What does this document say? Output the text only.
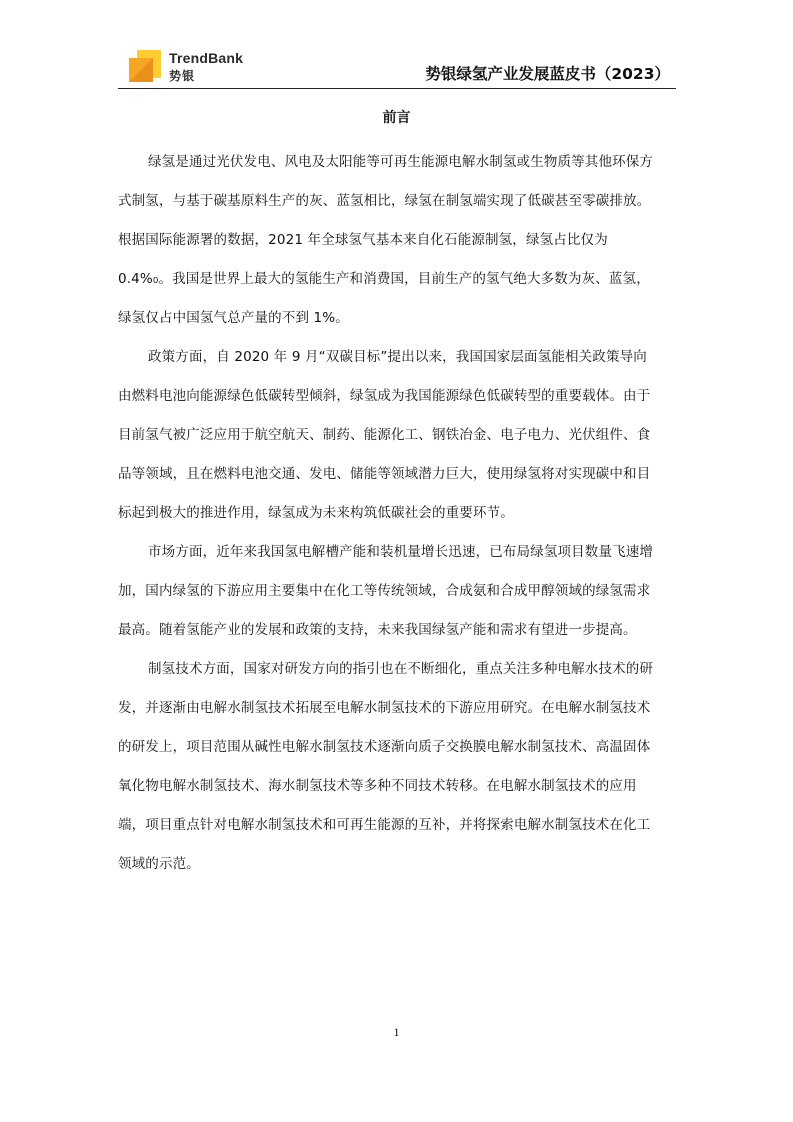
TrendBank
势银	势银绿氢产业发展蓝皮书（2023）
前言
绿氢是通过光伏发电、风电及太阳能等可再生能源电解水制氢或生物质等其他环保方
式制氢，与基于碳基原料生产的灰、蓝氢相比，绿氢在制氢端实现了低碳甚至零碳排放。
根据国际能源署的数据，2021 年全球氢气基本来自化石能源制氢，绿氢占比仅为
0.4%₀。我国是世界上最大的氢能生产和消费国，目前生产的氢气绝大多数为灰、蓝氢，
绿氢仅占中国氢气总产量的不到 1%。
政策方面，自 2020 年 9 月“双碳目标”提出以来，我国国家层面氢能相关政策导向
由燃料电池向能源绿色低碳转型倾斜，绿氢成为我国能源绿色低碳转型的重要载体。由于
目前氢气被广泛应用于航空航天、制药、能源化工、钢铁冶金、电子电力、光伏组件、食
品等领域，且在燃料电池交通、发电、储能等领域潜力巨大，使用绿氢将对实现碳中和目
标起到极大的推进作用，绿氢成为未来构筑低碳社会的重要环节。
市场方面，近年来我国氢电解槽产能和装机量增长迅速，已布局绿氢项目数量飞速增
加，国内绿氢的下游应用主要集中在化工等传统领域，合成氨和合成甲醇领域的绿氢需求
最高。随着氢能产业的发展和政策的支持，未来我国绿氢产能和需求有望进一步提高。
制氢技术方面，国家对研发方向的指引也在不断细化，重点关注多种电解水技术的研
发，并逐渐由电解水制氢技术拓展至电解水制氢技术的下游应用研究。在电解水制氢技术
的研发上，项目范围从碱性电解水制氢技术逐渐向质子交换膜电解水制氢技术、高温固体
氧化物电解水制氢技术、海水制氢技术等多种不同技术转移。在电解水制氢技术的应用
端，项目重点针对电解水制氢技术和可再生能源的互补，并将探索电解水制氢技术在化工
领域的示范。
1
